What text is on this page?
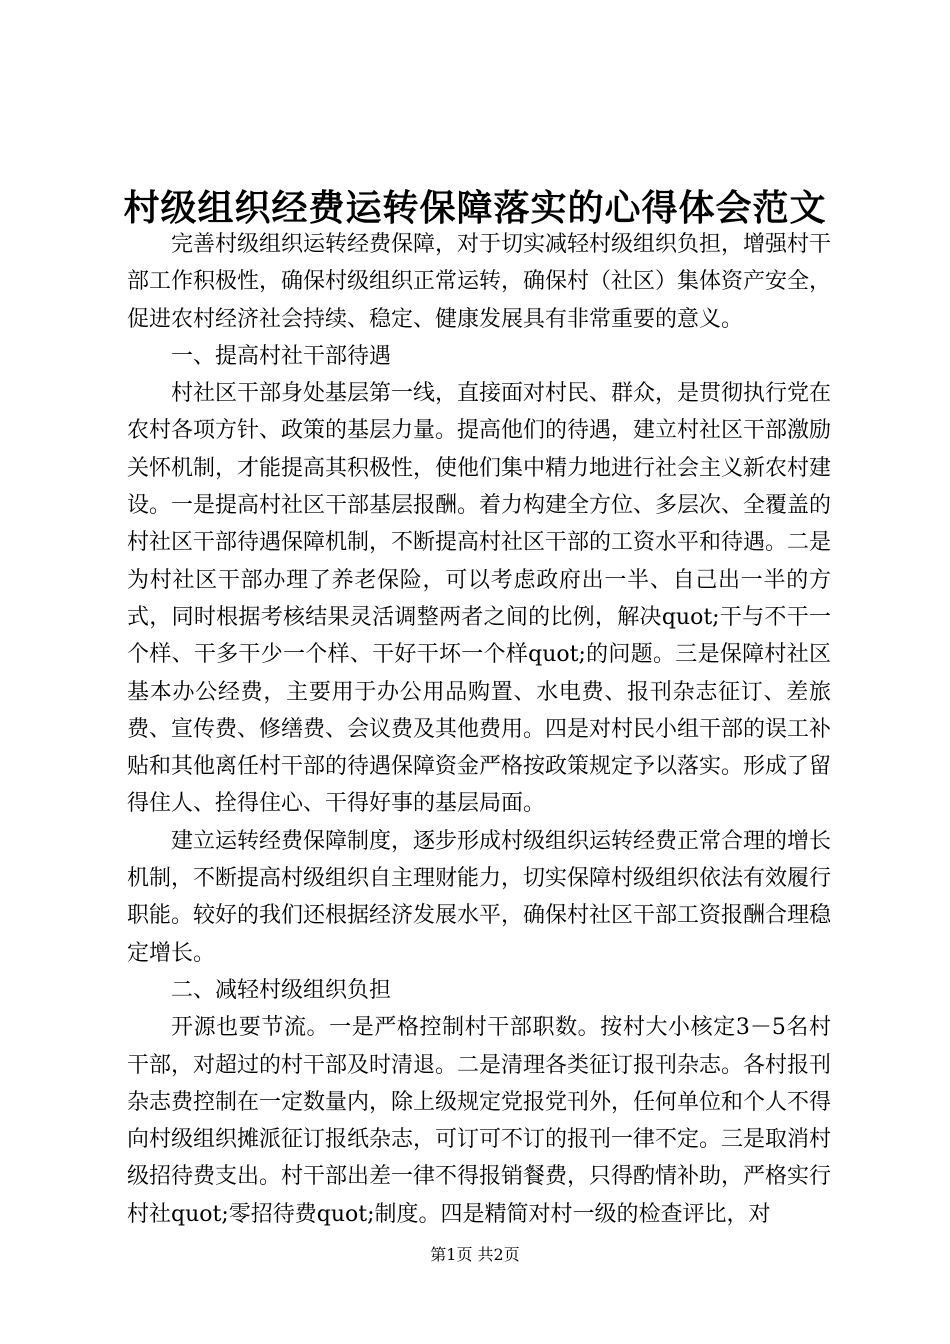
村级组织经费运转保障落实的心得体会范文

完善村级组织运转经费保障，对于切实减轻村级组织负担，增强村干部工作积极性，确保村级组织正常运转，确保村（社区）集体资产安全，促进农村经济社会持续、稳定、健康发展具有非常重要的意义。

一、提高村社干部待遇

村社区干部身处基层第一线，直接面对村民、群众，是贯彻执行党在农村各项方针、政策的基层力量。提高他们的待遇，建立村社区干部激励关怀机制，才能提高其积极性，使他们集中精力地进行社会主义新农村建设。一是提高村社区干部基层报酬。着力构建全方位、多层次、全覆盖的村社区干部待遇保障机制，不断提高村社区干部的工资水平和待遇。二是为村社区干部办理了养老保险，可以考虑政府出一半、自己出一半的方式，同时根据考核结果灵活调整两者之间的比例，解决quot;干与不干一个样、干多干少一个样、干好干坏一个样quot;的问题。三是保障村社区基本办公经费，主要用于办公用品购置、水电费、报刊杂志征订、差旅费、宣传费、修缮费、会议费及其他费用。四是对村民小组干部的误工补贴和其他离任村干部的待遇保障资金严格按政策规定予以落实。形成了留得住人、拴得住心、干得好事的基层局面。

建立运转经费保障制度，逐步形成村级组织运转经费正常合理的增长机制，不断提高村级组织自主理财能力，切实保障村级组织依法有效履行职能。较好的我们还根据经济发展水平，确保村社区干部工资报酬合理稳定增长。

二、减轻村级组织负担

开源也要节流。一是严格控制村干部职数。按村大小核定3－5名村干部，对超过的村干部及时清退。二是清理各类征订报刊杂志。各村报刊杂志费控制在一定数量内，除上级规定党报党刊外，任何单位和个人不得向村级组织摊派征订报纸杂志，可订可不订的报刊一律不定。三是取消村级招待费支出。村干部出差一律不得报销餐费，只得酌情补助，严格实行村社quot;零招待费quot;制度。四是精简对村一级的检查评比，对

第1页 共2页
